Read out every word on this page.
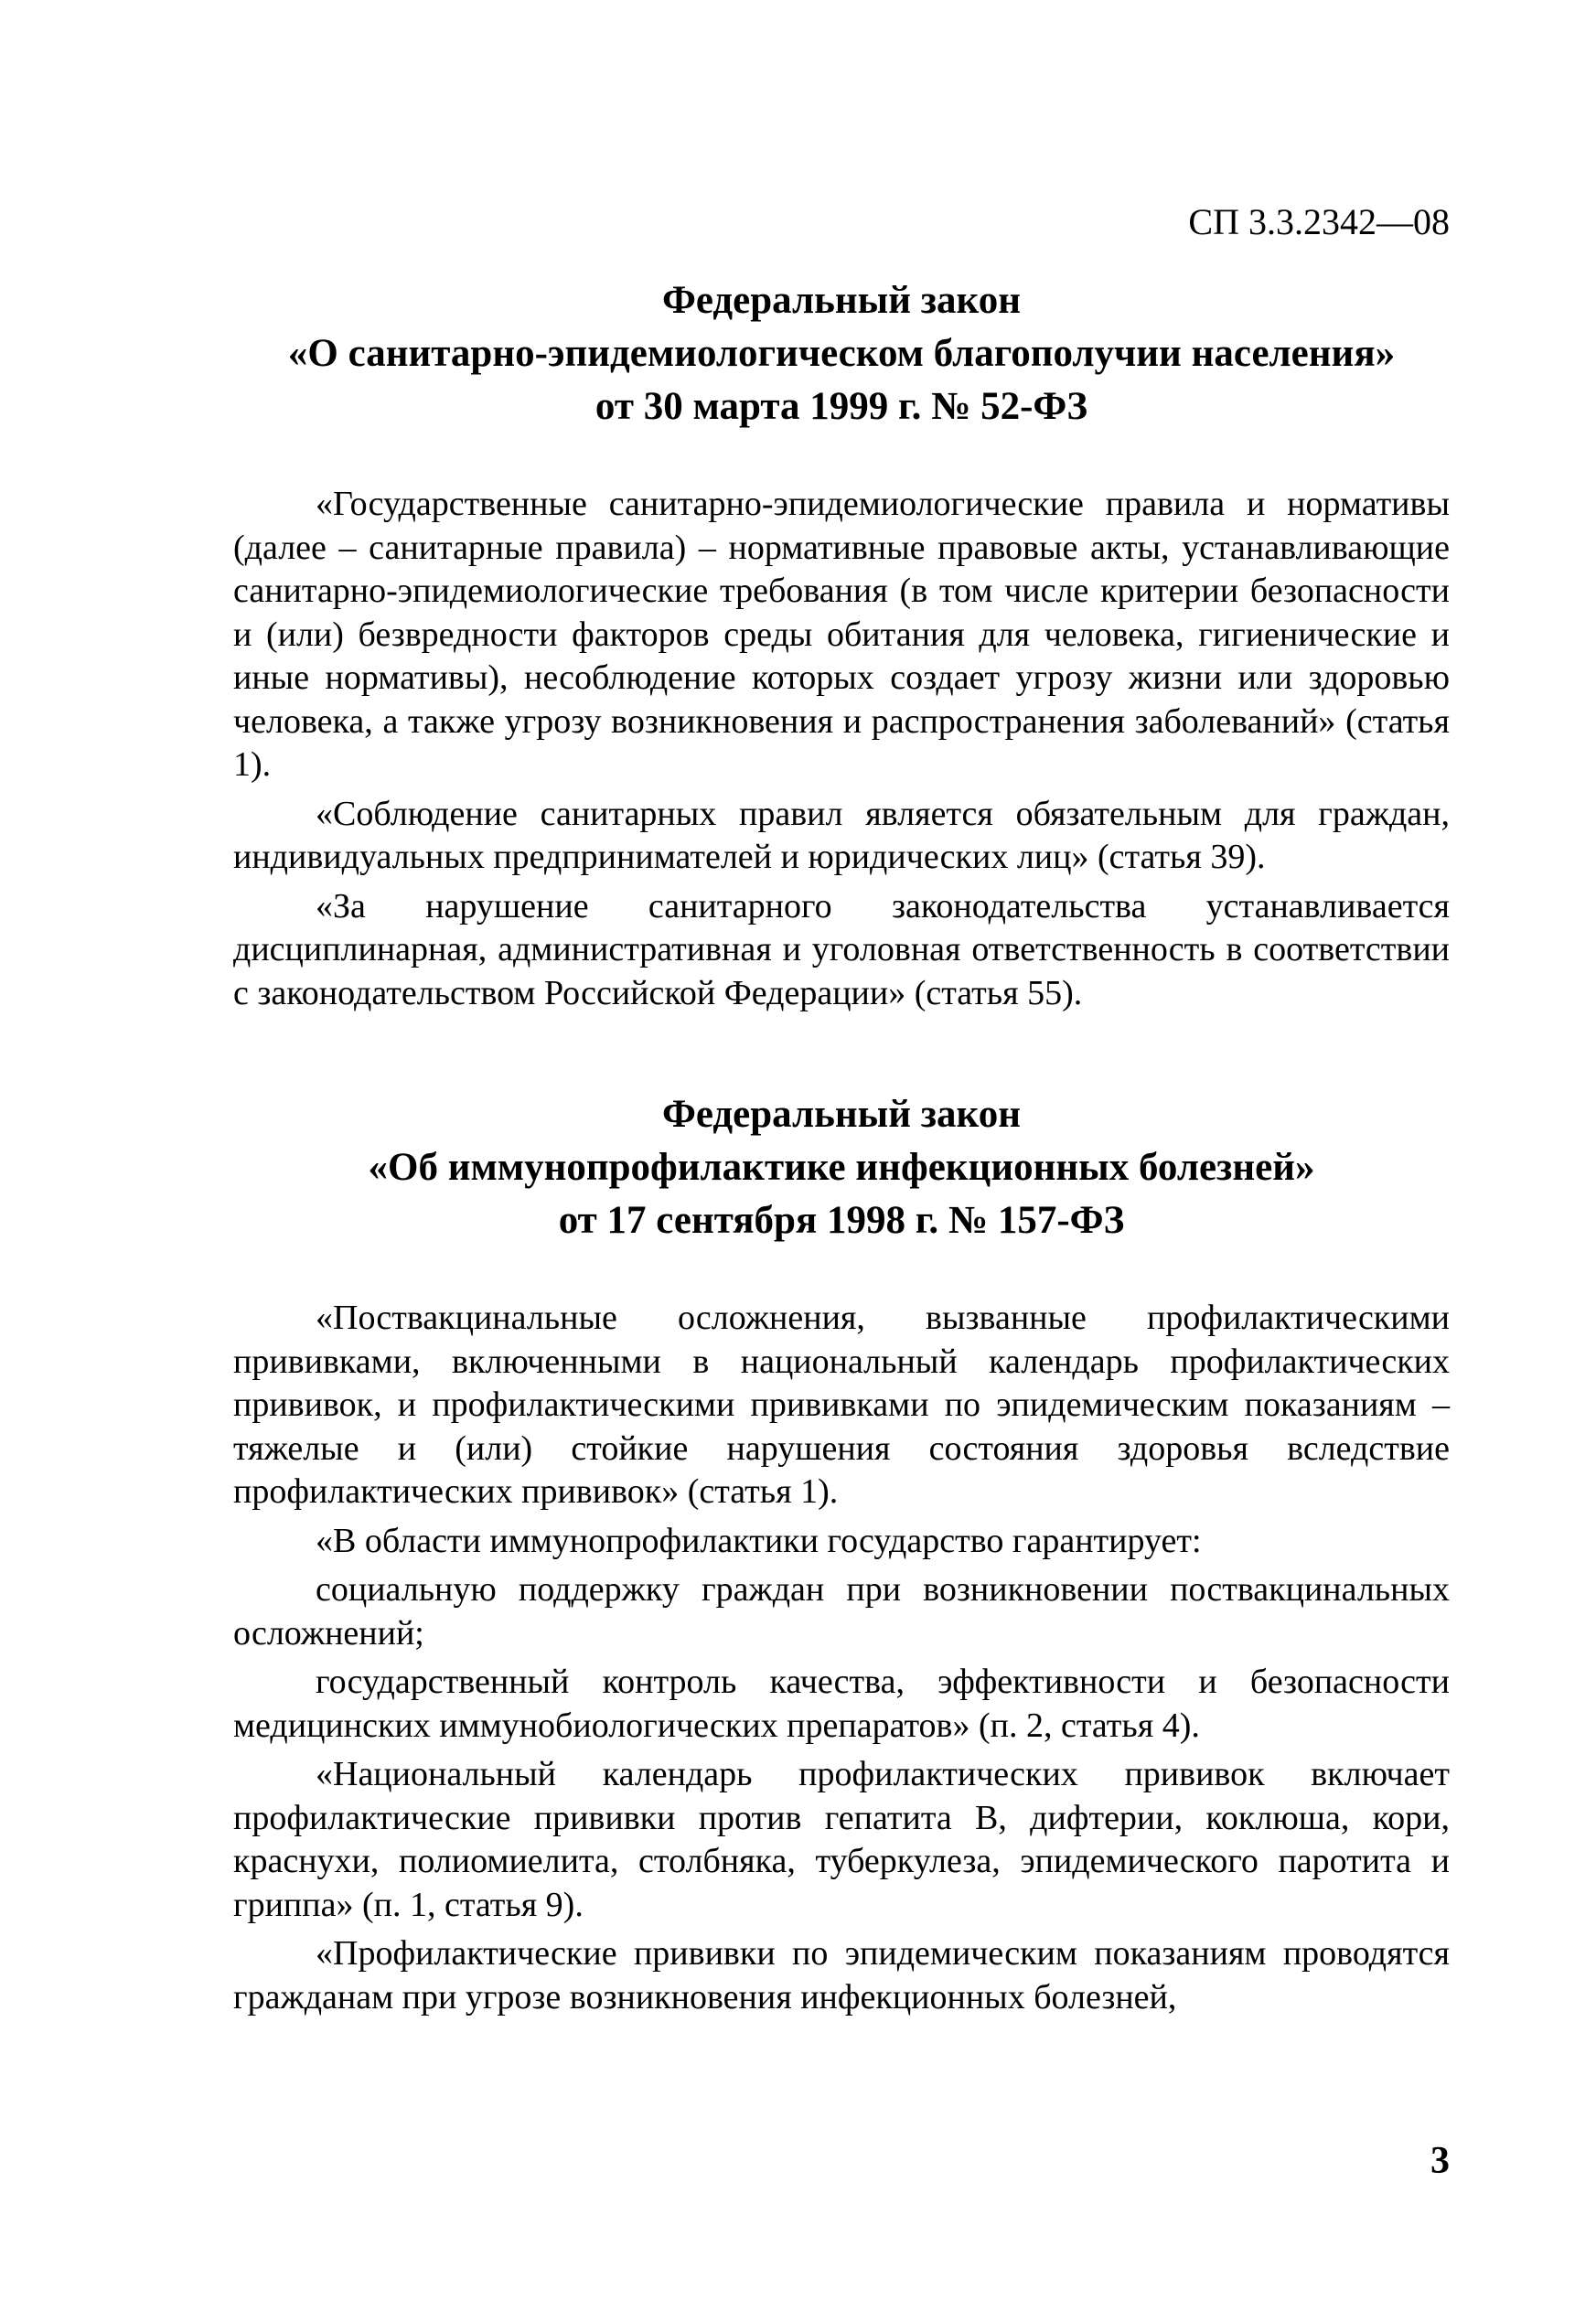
СП 3.3.2342—08
Федеральный закон
«О санитарно-эпидемиологическом благополучии населения»
от 30 марта 1999 г. № 52-ФЗ

«Государственные санитарно-эпидемиологические правила и нормативы (далее – санитарные правила) – нормативные правовые акты, устанавливающие санитарно-эпидемиологические требования (в том числе критерии безопасности и (или) безвредности факторов среды обитания для человека, гигиенические и иные нормативы), несоблюдение которых создает угрозу жизни или здоровью человека, а также угрозу возникновения и распространения заболеваний» (статья 1).

«Соблюдение санитарных правил является обязательным для граждан, индивидуальных предпринимателей и юридических лиц» (статья 39).

«За нарушение санитарного законодательства устанавливается дисциплинарная, административная и уголовная ответственность в соответствии с законодательством Российской Федерации» (статья 55).

Федеральный закон
«Об иммунопрофилактике инфекционных болезней»
от 17 сентября 1998 г. № 157-ФЗ

«Поствакцинальные осложнения, вызванные профилактическими прививками, включенными в национальный календарь профилактических прививок, и профилактическими прививками по эпидемическим показаниям – тяжелые и (или) стойкие нарушения состояния здоровья вследствие профилактических прививок» (статья 1).

«В области иммунопрофилактики государство гарантирует:

социальную поддержку граждан при возникновении поствакцинальных осложнений;

государственный контроль качества, эффективности и безопасности медицинских иммунобиологических препаратов» (п. 2, статья 4).

«Национальный календарь профилактических прививок включает профилактические прививки против гепатита В, дифтерии, коклюша, кори, краснухи, полиомиелита, столбняка, туберкулеза, эпидемического паротита и гриппа» (п. 1, статья 9).

«Профилактические прививки по эпидемическим показаниям проводятся гражданам при угрозе возникновения инфекционных болезней,

3
